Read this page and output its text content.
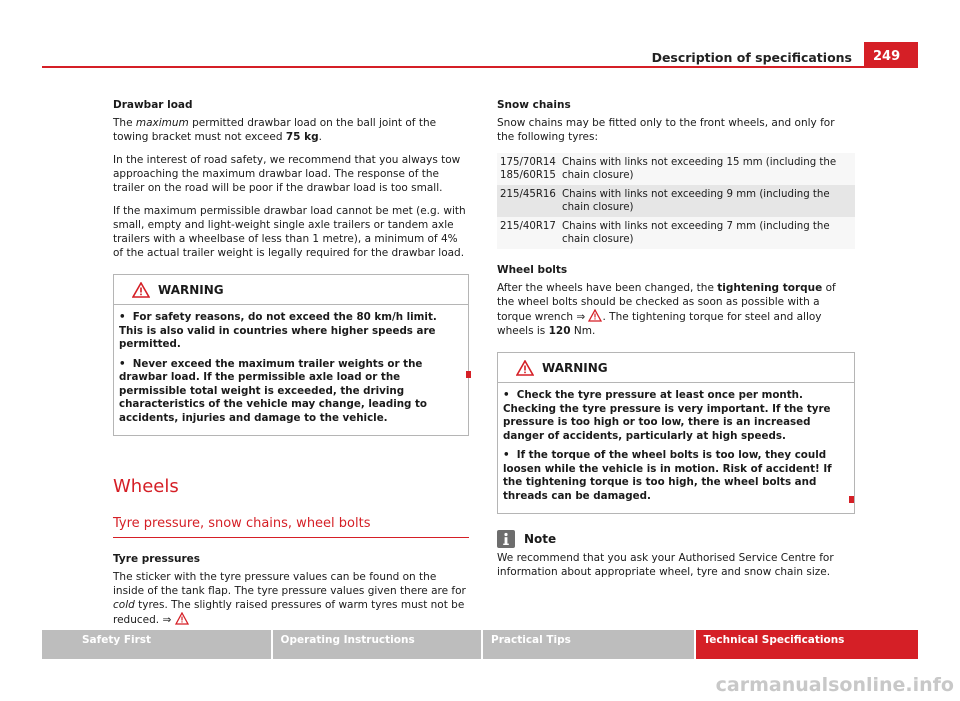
Description of specifications	249
Drawbar load

The maximum permitted drawbar load on the ball joint of the towing bracket must not exceed 75 kg.

In the interest of road safety, we recommend that you always tow approaching the maximum drawbar load. The response of the trailer on the road will be poor if the drawbar load is too small.

If the maximum permissible drawbar load cannot be met (e.g. with small, empty and light-weight single axle trailers or tandem axle trailers with a wheelbase of less than 1 metre), a minimum of 4% of the actual trailer weight is legally required for the drawbar load.

WARNING

•  For safety reasons, do not exceed the 80 km/h limit. This is also valid in countries where higher speeds are permitted.

•  Never exceed the maximum trailer weights or the drawbar load. If the permissible axle load or the permissible total weight is exceeded, the driving characteristics of the vehicle may change, leading to accidents, injuries and damage to the vehicle.

Wheels
Tyre pressure, snow chains, wheel bolts
Tyre pressures

The sticker with the tyre pressure values can be found on the inside of the tank flap. The tyre pressure values given there are for cold tyres. The slightly raised pressures of warm tyres must not be reduced. ⇒

Snow chains

Snow chains may be fitted only to the front wheels, and only for the following tyres:

175/70R14
185/60R15	Chains with links not exceeding 15 mm (including the chain closure)
215/45R16	Chains with links not exceeding 9 mm (including the chain closure)
215/40R17	Chains with links not exceeding 7 mm (including the chain closure)
Wheel bolts

After the wheels have been changed, the tightening torque of the wheel bolts should be checked as soon as possible with a torque wrench ⇒
. The tightening torque for steel and alloy wheels is 120 Nm.

WARNING

•  Check the tyre pressure at least once per month. Checking the tyre pressure is very important. If the tyre pressure is too high or too low, there is an increased danger of accidents, particularly at high speeds.

•  If the torque of the wheel bolts is too low, they could loosen while the vehicle is in motion. Risk of accident! If the tightening torque is too high, the wheel bolts and threads can be damaged.

Note

We recommend that you ask your Authorised Service Centre for information about appropriate wheel, tyre and snow chain size.

Safety First	Operating Instructions	Practical Tips	Technical Specifications
carmanualsonline.info
